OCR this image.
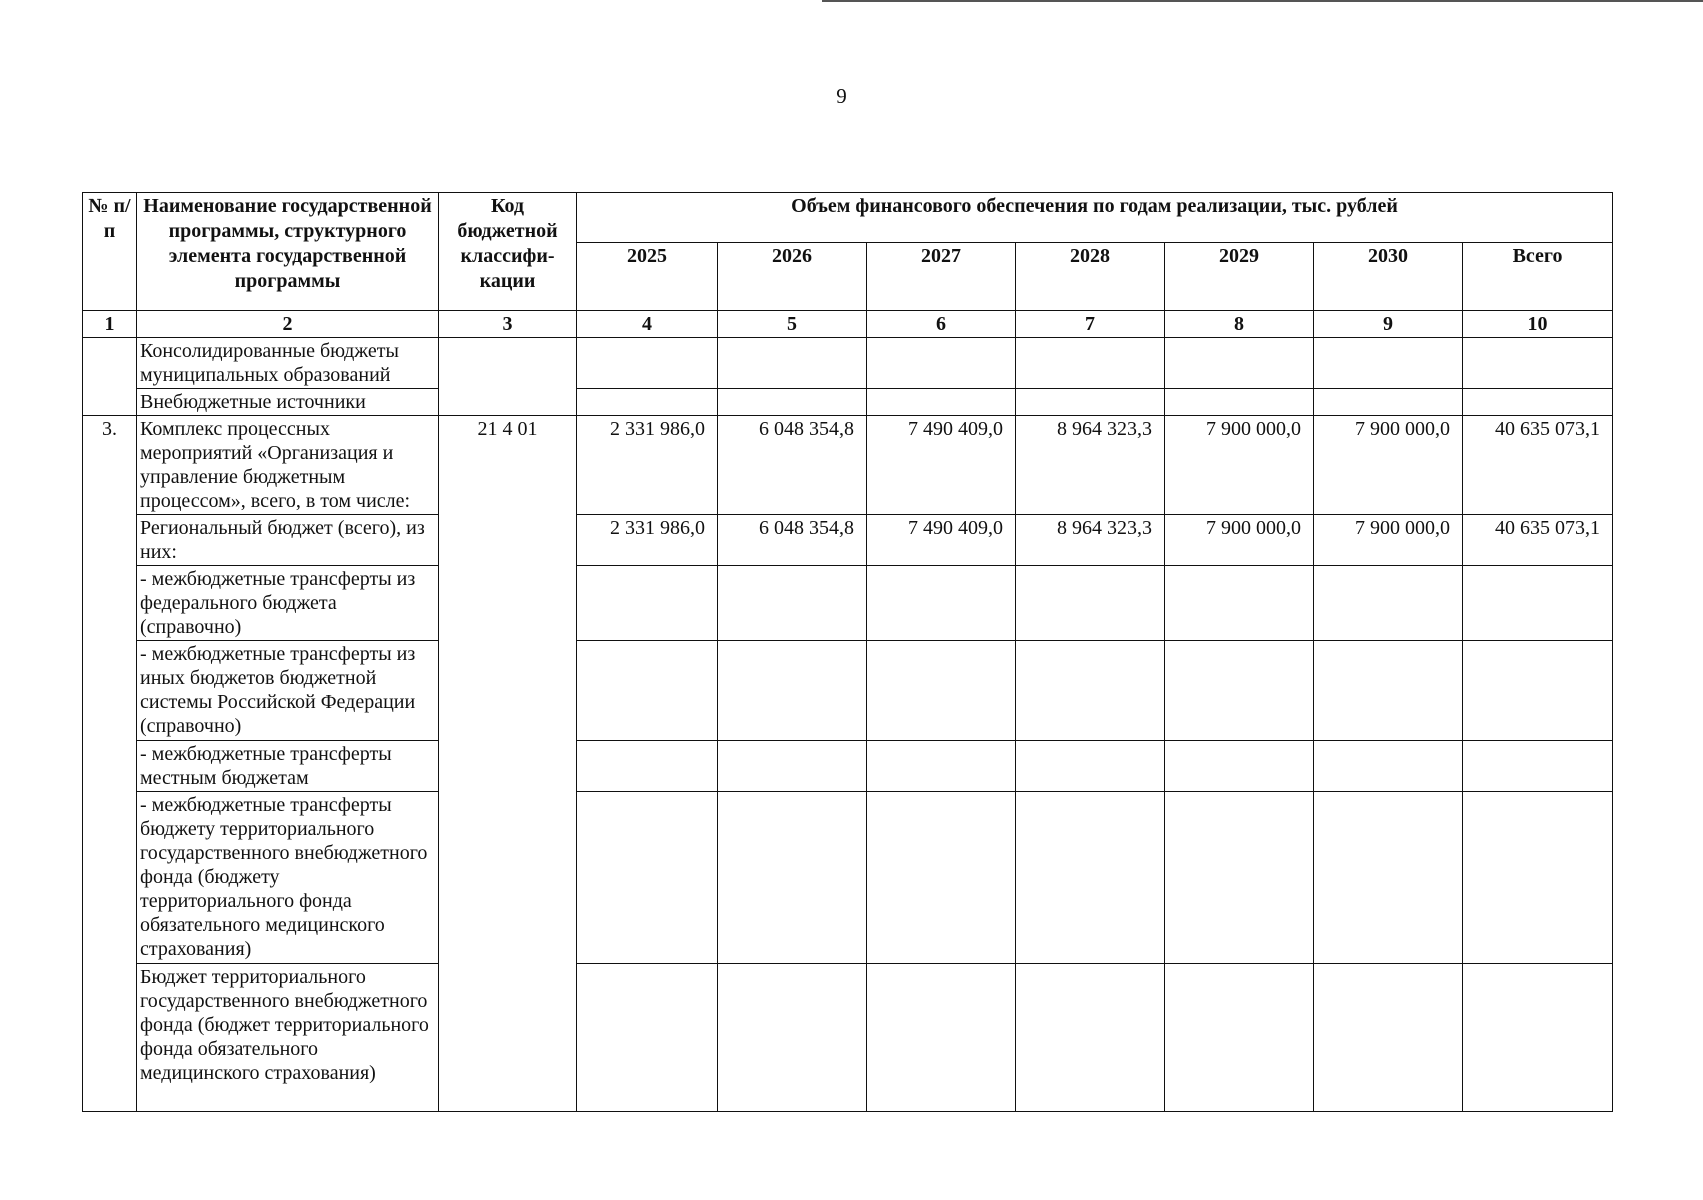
9
№ п/п	Наименование государственной программы, структурного элемента государственной программы	Код бюджетной классифи-кации	Объем финансового обеспечения по годам реализации, тыс. рублей						
			2025	2026	2027	2028	2029	2030	Всего
1	2	3	4	5	6	7	8	9	10
	Консолидированные бюджеты муниципальных образований								
	Внебюджетные источники								
3.	Комплекс процессных мероприятий «Организация и управление бюджетным процессом», всего, в том числе:	21 4 01	2 331 986,0	6 048 354,8	7 490 409,0	8 964 323,3	7 900 000,0	7 900 000,0	40 635 073,1
	Региональный бюджет (всего), из них:		2 331 986,0	6 048 354,8	7 490 409,0	8 964 323,3	7 900 000,0	7 900 000,0	40 635 073,1
	- межбюджетные трансферты из федерального бюджета (справочно)								
	- межбюджетные трансферты из иных бюджетов бюджетной системы Российской Федерации (справочно)								
	- межбюджетные трансферты местным бюджетам								
	- межбюджетные трансферты бюджету территориального государственного внебюджетного фонда (бюджету территориального фонда обязательного медицинского страхования)								
	Бюджет территориального государственного внебюджетного фонда (бюджет территориального фонда обязательного медицинского страхования)								
